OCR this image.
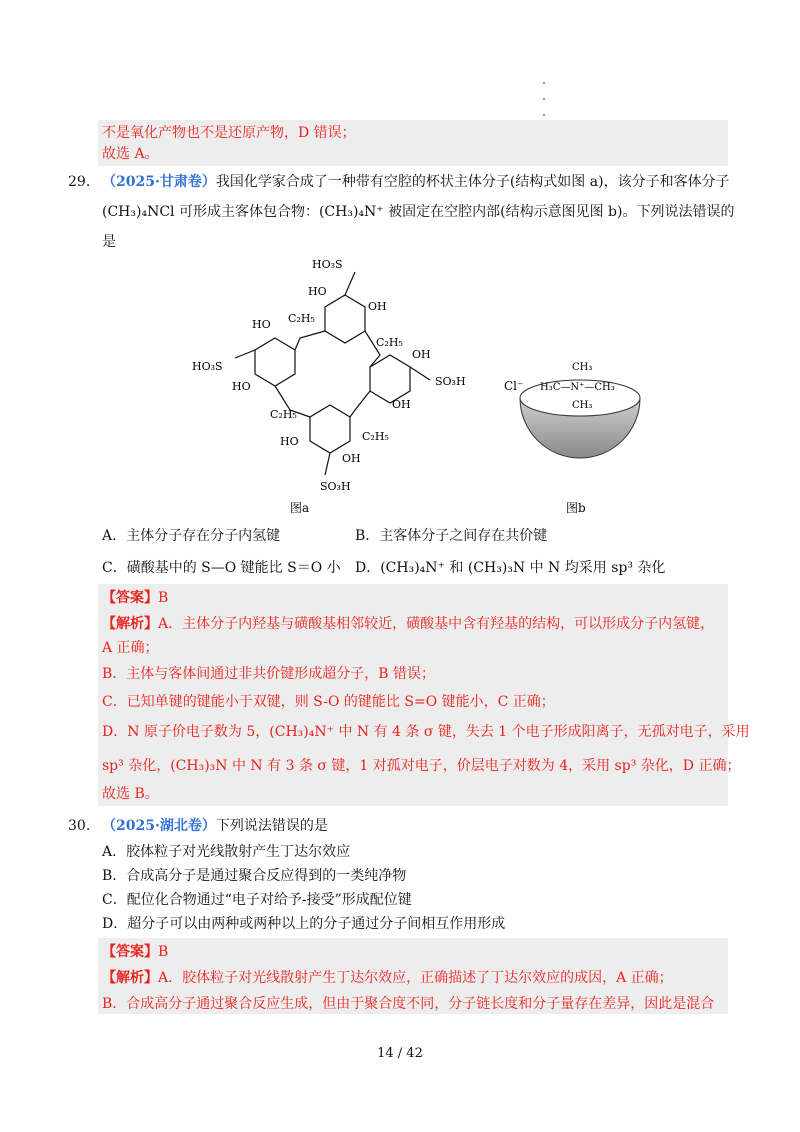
不是氧化产物也不是还原产物，D 错误；
故选 A。
29. （2025·甘肃卷）我国化学家合成了一种带有空腔的杯状主体分子(结构式如图 a)，该分子和客体分子
(CH₃)₄NCl 可形成主客体包合物：(CH₃)₄N⁺ 被固定在空腔内部(结构示意图见图 b)。下列说法错误的
是
HO₃S
HO
OH
HO C₂H₅
C₂H₅
OH
HO₃S
SO₃H
HO
C₂H₅
OH
C₂H₅
HO
OH
SO₃H
图a
Cl⁻
CH₃
H₃C—N⁺—CH₃
CH₃
图b
A．主体分子存在分子内氢键	B．主客体分子之间存在共价键
C．磺酸基中的 S—O 键能比 S＝O 小 D．(CH₃)₄N⁺ 和 (CH₃)₃N 中 N 均采用 sp³ 杂化
【答案】B
【解析】A．主体分子内羟基与磺酸基相邻较近，磺酸基中含有羟基的结构，可以形成分子内氢键，
A 正确；
B．主体与客体间通过非共价键形成超分子，B 错误；
C．已知单键的键能小于双键，则 S-O 的键能比 S=O 键能小，C 正确；
D．N 原子价电子数为 5，(CH₃)₄N⁺ 中 N 有 4 条 σ 键，失去 1 个电子形成阳离子，无孤对电子，采用
sp³ 杂化，(CH₃)₃N 中 N 有 3 条 σ 键，1 对孤对电子，价层电子对数为 4，采用 sp³ 杂化，D 正确；
故选 B。
30. （2025·湖北卷）下列说法错误的是
A．胶体粒子对光线散射产生丁达尔效应
B．合成高分子是通过聚合反应得到的一类纯净物
C．配位化合物通过“电子对给予-接受”形成配位键
D．超分子可以由两种或两种以上的分子通过分子间相互作用形成
【答案】B
【解析】A．胶体粒子对光线散射产生丁达尔效应，正确描述了丁达尔效应的成因，A 正确；
B．合成高分子通过聚合反应生成，但由于聚合度不同，分子链长度和分子量存在差异，因此是混合
14 / 42
